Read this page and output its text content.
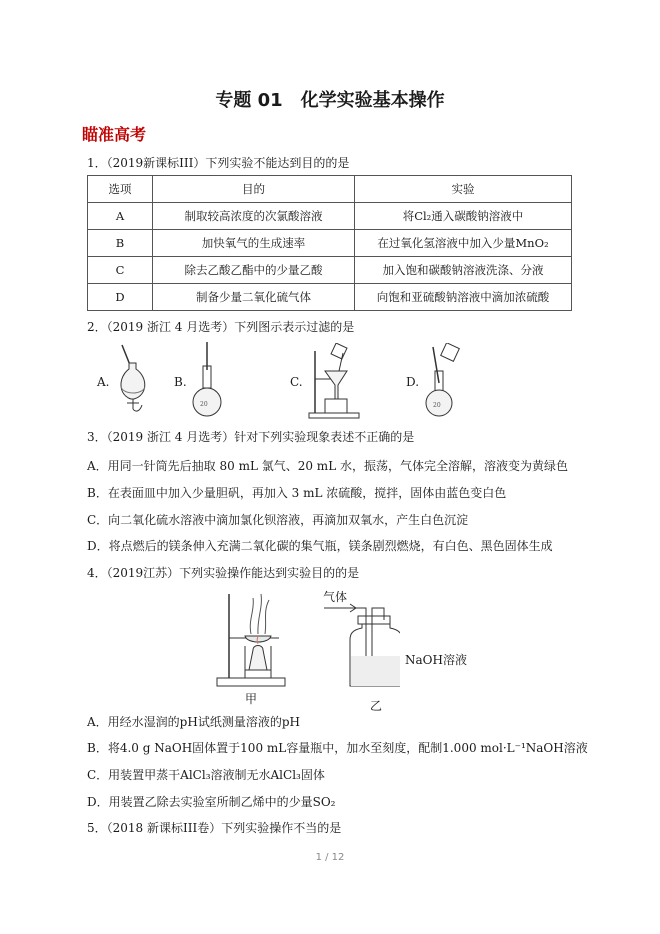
专题 01　化学实验基本操作
瞄准高考
1．（2019新课标III）下列实验不能达到目的的是
选项	目的	实验
A	制取较高浓度的次氯酸溶液	将Cl₂通入碳酸钠溶液中
B	加快氧气的生成速率	在过氧化氢溶液中加入少量MnO₂
C	除去乙酸乙酯中的少量乙酸	加入饱和碳酸钠溶液洗涤、分液
D	制备少量二氧化硫气体	向饱和亚硫酸钠溶液中滴加浓硫酸
2．（2019 浙江 4 月选考）下列图示表示过滤的是
A.	B.
20
C.	D.
20
3．（2019 浙江 4 月选考）针对下列实验现象表述不正确的是
A．用同一针筒先后抽取 80 mL 氯气、20 mL 水，振荡，气体完全溶解，溶液变为黄绿色
B．在表面皿中加入少量胆矾，再加入 3 mL 浓硫酸，搅拌，固体由蓝色变白色
C．向二氧化硫水溶液中滴加氯化钡溶液，再滴加双氧水，产生白色沉淀
D．将点燃后的镁条伸入充满二氧化碳的集气瓶，镁条剧烈燃烧，有白色、黑色固体生成
4．（2019江苏）下列实验操作能达到实验目的的是
甲
气体
NaOH溶液
乙
A．用经水湿润的pH试纸测量溶液的pH
B．将4.0 g NaOH固体置于100 mL容量瓶中，加水至刻度，配制1.000 mol·L⁻¹NaOH溶液
C．用装置甲蒸干AlCl₃溶液制无水AlCl₃固体
D．用装置乙除去实验室所制乙烯中的少量SO₂
5．（2018 新课标III卷）下列实验操作不当的是
1 / 12
